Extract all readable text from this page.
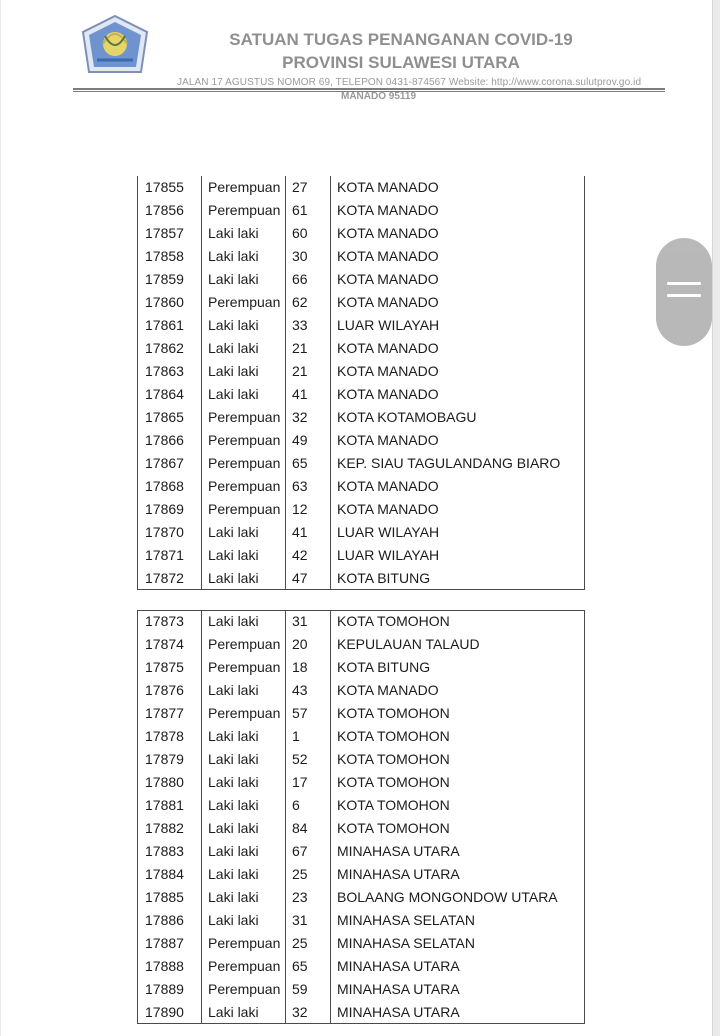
SATUAN TUGAS PENANGANAN COVID-19
PROVINSI SULAWESI UTARA
JALAN 17 AGUSTUS NOMOR 69, TELEPON 0431-874567 Website: http://www.corona.sulutprov.go.id
MANADO 95119
17855 Perempuan 27 KOTA MANADO
17856 Perempuan 61 KOTA MANADO
17857 Laki laki 60 KOTA MANADO
17858 Laki laki 30 KOTA MANADO
17859 Laki laki 66 KOTA MANADO
17860 Perempuan 62 KOTA MANADO
17861 Laki laki 33 LUAR WILAYAH
17862 Laki laki 21 KOTA MANADO
17863 Laki laki 21 KOTA MANADO
17864 Laki laki 41 KOTA MANADO
17865 Perempuan 32 KOTA KOTAMOBAGU
17866 Perempuan 49 KOTA MANADO
17867 Perempuan 65 KEP. SIAU TAGULANDANG BIARO
17868 Perempuan 63 KOTA MANADO
17869 Perempuan 12 KOTA MANADO
17870 Laki laki 41 LUAR WILAYAH
17871 Laki laki 42 LUAR WILAYAH
17872 Laki laki 47 KOTA BITUNG
17873 Laki laki 31 KOTA TOMOHON
17874 Perempuan 20 KEPULAUAN TALAUD
17875 Perempuan 18 KOTA BITUNG
17876 Laki laki 43 KOTA MANADO
17877 Perempuan 57 KOTA TOMOHON
17878 Laki laki 1	KOTA TOMOHON
17879 Laki laki 52 KOTA TOMOHON
17880 Laki laki 17 KOTA TOMOHON
17881 Laki laki 6	KOTA TOMOHON
17882 Laki laki 84 KOTA TOMOHON
17883 Laki laki 67 MINAHASA UTARA
17884 Laki laki 25 MINAHASA UTARA
17885 Laki laki 23 BOLAANG MONGONDOW UTARA
17886 Laki laki 31 MINAHASA SELATAN
17887 Perempuan 25 MINAHASA SELATAN
17888 Perempuan 65 MINAHASA UTARA
17889 Perempuan 59 MINAHASA UTARA
17890 Laki laki 32 MINAHASA UTARA
